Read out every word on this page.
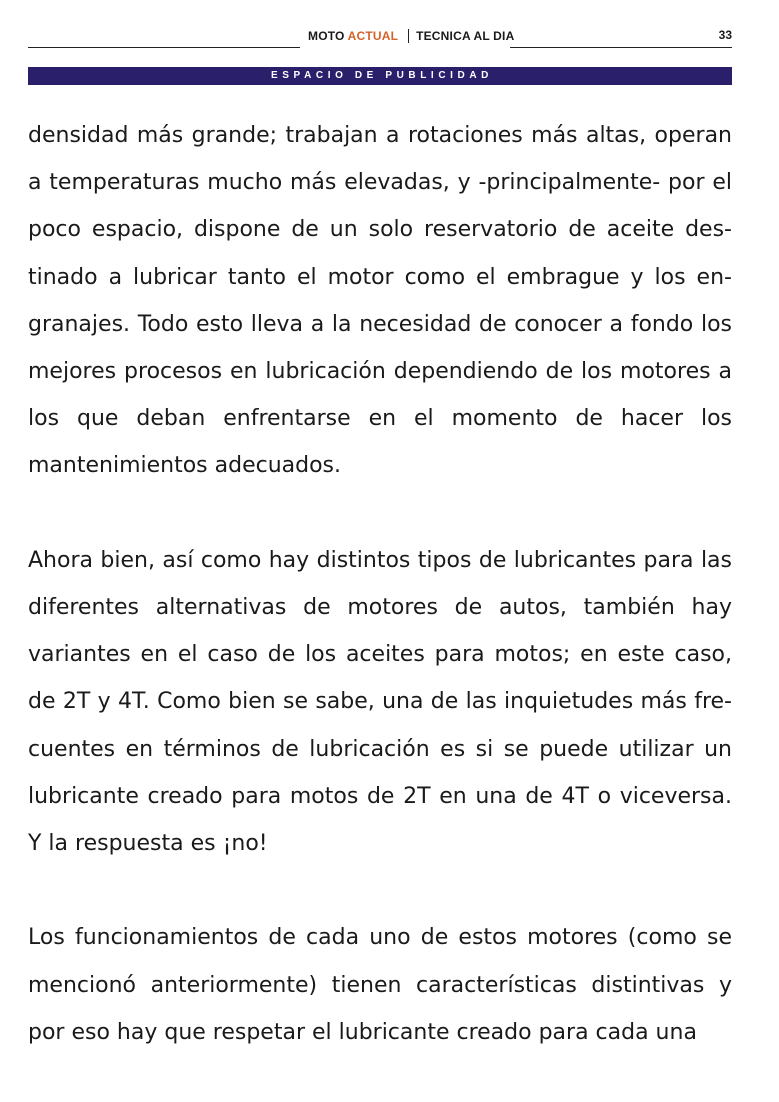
MOTO ACTUAL TECNICA AL DIA	33
ESPACIO DE PUBLICIDAD

densidad más grande; trabajan a rotaciones más altas, operan a temperaturas mucho más elevadas, y -principalmente- por el poco espacio, dispone de un solo reservatorio de aceite destinado a lubricar tanto el motor como el embrague y los engranajes. Todo esto lleva a la necesidad de conocer a fondo los mejores procesos en lubricación dependiendo de los motores a los que deban enfrentarse en el momento de hacer los mantenimientos adecuados.

Ahora bien, así como hay distintos tipos de lubricantes para las diferentes alternativas de motores de autos, también hay variantes en el caso de los aceites para motos; en este caso, de 2T y 4T. Como bien se sabe, una de las inquietudes más frecuentes en términos de lubricación es si se puede utilizar un lubricante creado para motos de 2T en una de 4T o viceversa. Y la respuesta es ¡no!

Los funcionamientos de cada uno de estos motores (como se mencionó anteriormente) tienen características distintivas y por eso hay que respetar el lubricante creado para cada una
